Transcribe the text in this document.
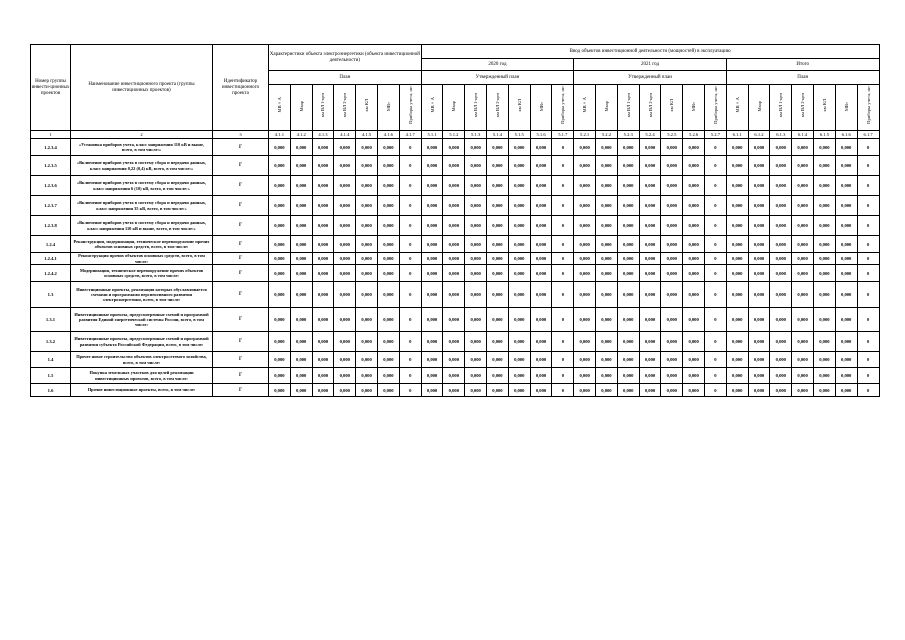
Номер группы инвести-ционных проектов	Наименование инвестиционного проекта (группы инвестиционных проектов)	Идентификатор инвестиционного проекта	Характеристики объекта электроэнергетики (объекта инвестиционной деятельности)							Ввод объектов инвестиционной деятельности (мощностей) в эксплуатацию																				
										2020 год							2021 год							Итого						
			План							Утвержденный план							Утвержденный план							План						
			МВ×А	Мвар	км ВЛ 1-цеп	км ВЛ 2-цеп	км КЛ	МВт	Приборы учета, шт	МВ×А	Мвар	км ВЛ 1-цеп	км ВЛ 2-цеп	км КЛ	МВт	Приборы учета, шт	МВ×А	Мвар	км ВЛ 1-цеп	км ВЛ 2-цеп	км КЛ	МВт	Приборы учета, шт	МВ×А	Мвар	км ВЛ 1-цеп	км ВЛ 2-цеп	км КЛ	МВт	Приборы учета, шт
1	2	3	4.1.1	4.1.2	4.1.3	4.1.4	4.1.5	4.1.6	4.1.7	5.1.1	5.1.2	5.1.3	5.1.4	5.1.5	5.1.6	5.1.7	5.2.1	5.2.2	5.2.3	5.2.4	5.2.5	5.2.6	5.2.7	6.1.1	6.1.2	6.1.3	6.1.4	6.1.5	6.1.6	6.1.7
1.2.3.4	«Установка приборов учета, класс напряжения 110 кВ и выше, всего, в том числе:»	Г	0,000	0,000	0,000	0,000	0,000	0,000	0	0,000	0,000	0,000	0,000	0,000	0,000	0	0,000	0,000	0,000	0,000	0,000	0,000	0	0,000	0,000	0,000	0,000	0,000	0,000	0
1.2.3.5	«Включение приборов учета в систему сбора и передачи данных, класс напряжения 0,22 (0,4) кВ, всего, в том числе:»	Г	0,000	0,000	0,000	0,000	0,000	0,000	0	0,000	0,000	0,000	0,000	0,000	0,000	0	0,000	0,000	0,000	0,000	0,000	0,000	0	0,000	0,000	0,000	0,000	0,000	0,000	0
1.2.3.6	«Включение приборов учета в систему сбора и передачи данных, класс напряжения 6 (10) кВ, всего, в том числе:»	Г	0,000	0,000	0,000	0,000	0,000	0,000	0	0,000	0,000	0,000	0,000	0,000	0,000	0	0,000	0,000	0,000	0,000	0,000	0,000	0	0,000	0,000	0,000	0,000	0,000	0,000	0
1.2.3.7	«Включение приборов учета в систему сбора и передачи данных, класс напряжения 35 кВ, всего, в том числе:»	Г	0,000	0,000	0,000	0,000	0,000	0,000	0	0,000	0,000	0,000	0,000	0,000	0,000	0	0,000	0,000	0,000	0,000	0,000	0,000	0	0,000	0,000	0,000	0,000	0,000	0,000	0
1.2.3.8	«Включение приборов учета в систему сбора и передачи данных, класс напряжения 110 кВ и выше, всего, в том числе:»	Г	0,000	0,000	0,000	0,000	0,000	0,000	0	0,000	0,000	0,000	0,000	0,000	0,000	0	0,000	0,000	0,000	0,000	0,000	0,000	0	0,000	0,000	0,000	0,000	0,000	0,000	0
1.2.4	Реконструкция, модернизация, техническое перевооружение прочих объектов основных средств, всего, в том числе:	Г	0,000	0,000	0,000	0,000	0,000	0,000	0	0,000	0,000	0,000	0,000	0,000	0,000	0	0,000	0,000	0,000	0,000	0,000	0,000	0	0,000	0,000	0,000	0,000	0,000	0,000	0
1.2.4.1	Реконструкция прочих объектов основных средств, всего, в том числе:	Г	0,000	0,000	0,000	0,000	0,000	0,000	0	0,000	0,000	0,000	0,000	0,000	0,000	0	0,000	0,000	0,000	0,000	0,000	0,000	0	0,000	0,000	0,000	0,000	0,000	0,000	0
1.2.4.2	Модернизация, техническое перевооружение прочих объектов основных средств, всего, в том числе:	Г	0,000	0,000	0,000	0,000	0,000	0,000	0	0,000	0,000	0,000	0,000	0,000	0,000	0	0,000	0,000	0,000	0,000	0,000	0,000	0	0,000	0,000	0,000	0,000	0,000	0,000	0
1.3	Инвестиционные проекты, реализация которых обуславливается схемами и программами перспективного развития электроэнергетики, всего, в том числе:	Г	0,000	0,000	0,000	0,000	0,000	0,000	0	0,000	0,000	0,000	0,000	0,000	0,000	0	0,000	0,000	0,000	0,000	0,000	0,000	0	0,000	0,000	0,000	0,000	0,000	0,000	0
1.3.1	Инвестиционные проекты, предусмотренные схемой и программой развития Единой энергетической системы России, всего, в том числе:	Г	0,000	0,000	0,000	0,000	0,000	0,000	0	0,000	0,000	0,000	0,000	0,000	0,000	0	0,000	0,000	0,000	0,000	0,000	0,000	0	0,000	0,000	0,000	0,000	0,000	0,000	0
1.3.2	Инвестиционные проекты, предусмотренные схемой и программой развития субъекта Российской Федерации, всего, в том числе:	Г	0,000	0,000	0,000	0,000	0,000	0,000	0	0,000	0,000	0,000	0,000	0,000	0,000	0	0,000	0,000	0,000	0,000	0,000	0,000	0	0,000	0,000	0,000	0,000	0,000	0,000	0
1.4	Прочее новое строительство объектов электросетевого хозяйства, всего, в том числе:	Г	0,000	0,000	0,000	0,000	0,000	0,000	0	0,000	0,000	0,000	0,000	0,000	0,000	0	0,000	0,000	0,000	0,000	0,000	0,000	0	0,000	0,000	0,000	0,000	0,000	0,000	0
1.5	Покупка земельных участков для целей реализации инвестиционных проектов, всего, в том числе:	Г	0,000	0,000	0,000	0,000	0,000	0,000	0	0,000	0,000	0,000	0,000	0,000	0,000	0	0,000	0,000	0,000	0,000	0,000	0,000	0	0,000	0,000	0,000	0,000	0,000	0,000	0
1.6	Прочие инвестиционные проекты, всего, в том числе:	Г	0,000	0,000	0,000	0,000	0,000	0,000	0	0,000	0,000	0,000	0,000	0,000	0,000	0	0,000	0,000	0,000	0,000	0,000	0,000	0	0,000	0,000	0,000	0,000	0,000	0,000	0
